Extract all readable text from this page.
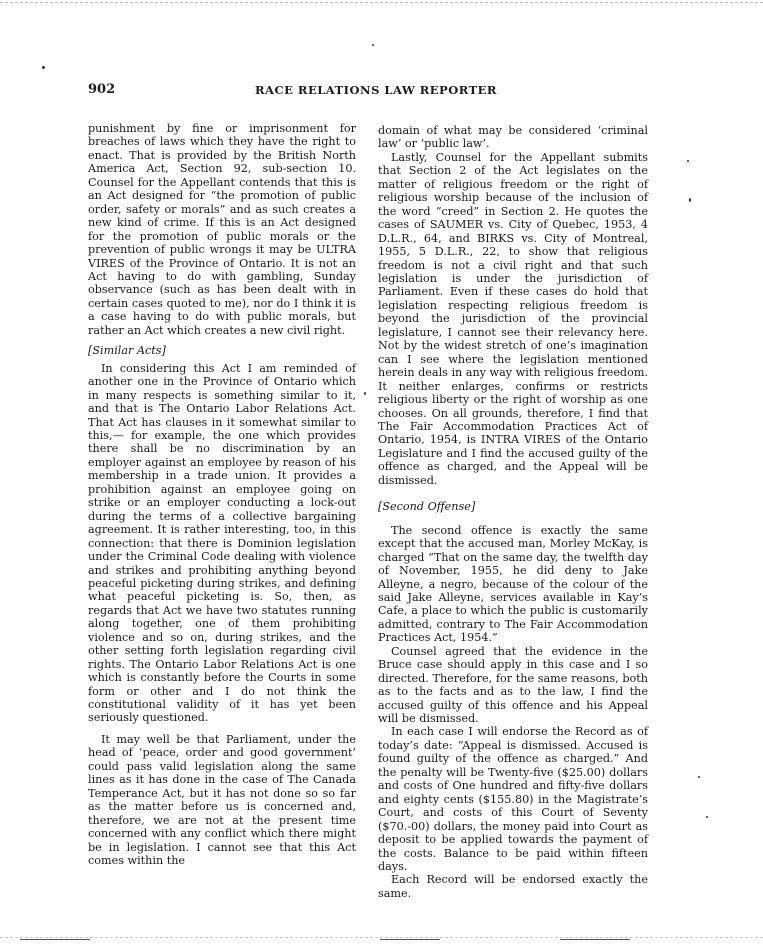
902	RACE RELATIONS LAW REPORTER

punishment by fine or imprisonment for breaches of laws which they have the right to enact. That is provided by the British North America Act, Section 92, sub-section 10. Counsel for the Appellant contends that this is an Act designed for “the promotion of public order, safety or morals” and as such creates a new kind of crime. If this is an Act designed for the promotion of public morals or the prevention of public wrongs it may be ULTRA VIRES of the Province of Ontario. It is not an Act having to do with gambling, Sunday observance (such as has been dealt with in certain cases quoted to me), nor do I think it is a case having to do with public morals, but rather an Act which creates a new civil right.

[Similar Acts]

In considering this Act I am reminded of another one in the Province of Ontario which in many respects is something similar to it, and that is The Ontario Labor Relations Act. That Act has clauses in it somewhat similar to this,— for example, the one which provides there shall be no discrimination by an employer against an employee by reason of his membership in a trade union. It provides a prohibition against an employee going on strike or an employer conducting a lock-out during the terms of a collective bargaining agreement. It is rather interesting, too, in this connection: that there is Dominion legislation under the Criminal Code dealing with violence and strikes and prohibiting anything beyond peaceful picketing during strikes, and defining what peaceful picketing is. So, then, as regards that Act we have two statutes running along together, one of them prohibiting violence and so on, during strikes, and the other setting forth legislation regarding civil rights. The Ontario Labor Relations Act is one which is constantly before the Courts in some form or other and I do not think the constitutional validity of it has yet been seriously questioned.

It may well be that Parliament, under the head of ‘peace, order and good government’ could pass valid legislation along the same lines as it has done in the case of The Canada Temperance Act, but it has not done so so far as the matter before us is concerned and, therefore, we are not at the present time concerned with any conflict which there might be in legislation. I cannot see that this Act comes within the

domain of what may be considered ‘criminal law’ or ‘public law’.

Lastly, Counsel for the Appellant submits that Section 2 of the Act legislates on the matter of religious freedom or the right of religious worship because of the inclusion of the word “creed” in Section 2. He quotes the cases of SAUMER vs. City of Quebec, 1953, 4 D.L.R., 64, and BIRKS vs. City of Montreal, 1955, 5 D.L.R., 22, to show that religious freedom is not a civil right and that such legislation is under the jurisdiction of Parliament. Even if these cases do hold that legislation respecting religious freedom is beyond the jurisdiction of the provincial legislature, I cannot see their relevancy here. Not by the widest stretch of one’s imagination can I see where the legislation mentioned herein deals in any way with religious freedom. It neither enlarges, confirms or restricts religious liberty or the right of worship as one chooses. On all grounds, therefore, I find that The Fair Accommodation Practices Act of Ontario, 1954, is INTRA VIRES of the Ontario Legislature and I find the accused guilty of the offence as charged, and the Appeal will be dismissed.

[Second Offense]

The second offence is exactly the same except that the accused man, Morley McKay, is charged “That on the same day, the twelfth day of November, 1955, he did deny to Jake Alleyne, a negro, because of the colour of the said Jake Alleyne, services available in Kay’s Cafe, a place to which the public is customarily admitted, contrary to The Fair Accommodation Practices Act, 1954.”

Counsel agreed that the evidence in the Bruce case should apply in this case and I so directed. Therefore, for the same reasons, both as to the facts and as to the law, I find the accused guilty of this offence and his Appeal will be dismissed.

In each case I will endorse the Record as of today’s date: “Appeal is dismissed. Accused is found guilty of the offence as charged.” And the penalty will be Twenty-five ($25.00) dollars and costs of One hundred and fifty-five dollars and eighty cents ($155.80) in the Magistrate’s Court, and costs of this Court of Seventy ($70.-00) dollars, the money paid into Court as deposit to be applied towards the payment of the costs. Balance to be paid within fifteen days.

Each Record will be endorsed exactly the same.
